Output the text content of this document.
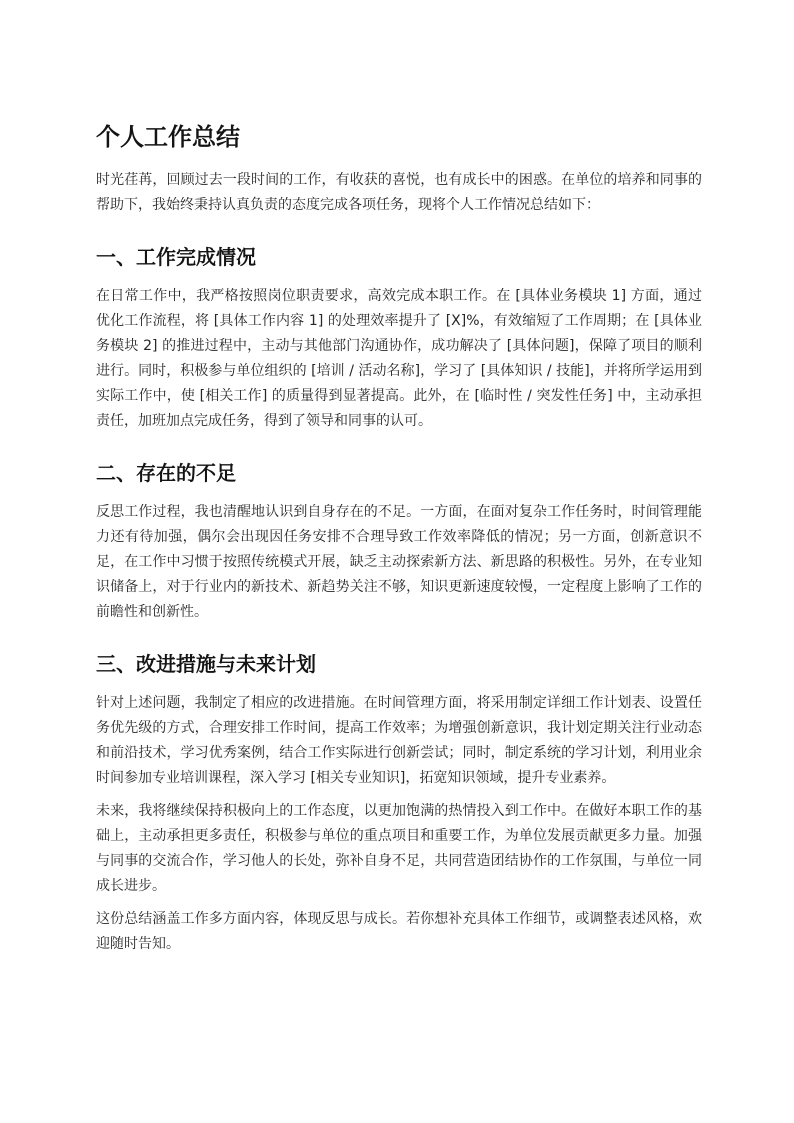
个人工作总结

时光荏苒，回顾过去一段时间的工作，有收获的喜悦，也有成长中的困惑。在单位的培养和同事的帮助下，我始终秉持认真负责的态度完成各项任务，现将个人工作情况总结如下：

一、工作完成情况

在日常工作中，我严格按照岗位职责要求，高效完成本职工作。在 [具体业务模块 1] 方面，通过优化工作流程，将 [具体工作内容 1] 的处理效率提升了 [X]%，有效缩短了工作周期；在 [具体业务模块 2] 的推进过程中，主动与其他部门沟通协作，成功解决了 [具体问题]，保障了项目的顺利进行。同时，积极参与单位组织的 [培训 / 活动名称]，学习了 [具体知识 / 技能]，并将所学运用到实际工作中，使 [相关工作] 的质量得到显著提高。此外，在 [临时性 / 突发性任务] 中，主动承担责任，加班加点完成任务，得到了领导和同事的认可。

二、存在的不足

反思工作过程，我也清醒地认识到自身存在的不足。一方面，在面对复杂工作任务时，时间管理能力还有待加强，偶尔会出现因任务安排不合理导致工作效率降低的情况；另一方面，创新意识不足，在工作中习惯于按照传统模式开展，缺乏主动探索新方法、新思路的积极性。另外，在专业知识储备上，对于行业内的新技术、新趋势关注不够，知识更新速度较慢，一定程度上影响了工作的前瞻性和创新性。

三、改进措施与未来计划

针对上述问题，我制定了相应的改进措施。在时间管理方面，将采用制定详细工作计划表、设置任务优先级的方式，合理安排工作时间，提高工作效率；为增强创新意识，我计划定期关注行业动态和前沿技术，学习优秀案例，结合工作实际进行创新尝试；同时，制定系统的学习计划，利用业余时间参加专业培训课程，深入学习 [相关专业知识]，拓宽知识领域，提升专业素养。

未来，我将继续保持积极向上的工作态度，以更加饱满的热情投入到工作中。在做好本职工作的基础上，主动承担更多责任，积极参与单位的重点项目和重要工作，为单位发展贡献更多力量。加强与同事的交流合作，学习他人的长处，弥补自身不足，共同营造团结协作的工作氛围，与单位一同成长进步。

这份总结涵盖工作多方面内容，体现反思与成长。若你想补充具体工作细节，或调整表述风格，欢迎随时告知。
